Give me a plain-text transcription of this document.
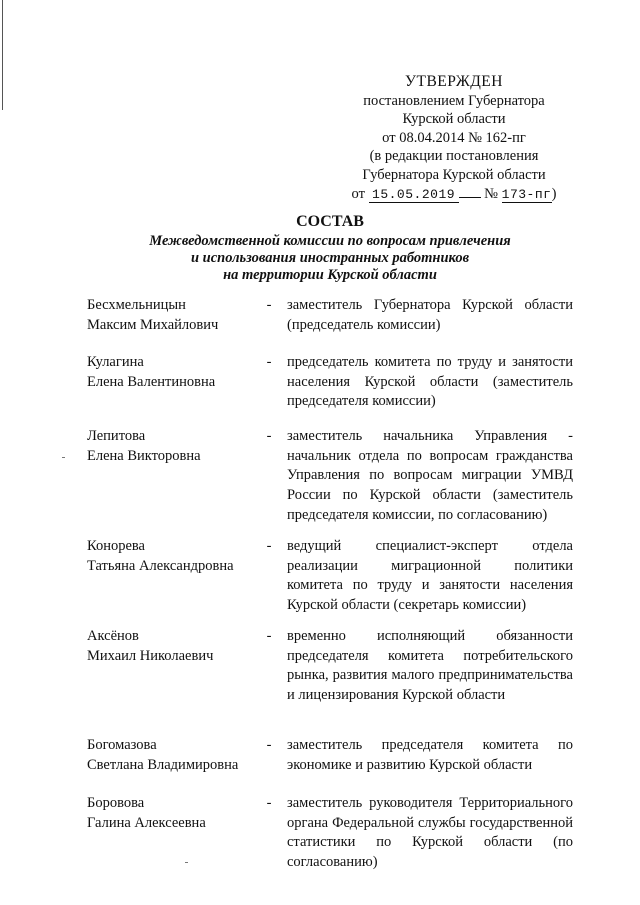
УТВЕРЖДЕН
постановлением Губернатора
Курской области
от 08.04.2014 № 162-пг
(в редакции постановления
Губернатора Курской области
от 15.05.2019 № 173-пг)
СОСТАВ
Межведомственной комиссии по вопросам привлечения
и использования иностранных работников
на территории Курской области
Бесхмельницын
Максим Михайлович
- заместитель Губернатора Курской области (председатель комиссии)
Кулагина
Елена Валентиновна
- председатель комитета по труду и занятости населения Курской области (заместитель председателя комиссии)
Лепитова
Елена Викторовна
- заместитель начальника Управления - начальник отдела по вопросам гражданства Управления по вопросам миграции УМВД России по Курской области (заместитель председателя комиссии, по согласованию)
Конорева
Татьяна Александровна
- ведущий специалист-эксперт отдела реализации миграционной политики комитета по труду и занятости населения Курской области (секретарь комиссии)
Аксёнов
Михаил Николаевич
- временно исполняющий обязанности председателя комитета потребительского рынка, развития малого предпринимательства и лицензирования Курской области
Богомазова
Светлана Владимировна
- заместитель председателя комитета по экономике и развитию Курской области
Боровова
Галина Алексеевна
- заместитель руководителя Территориального органа Федеральной службы государственной статистики по Курской области (по согласованию)
